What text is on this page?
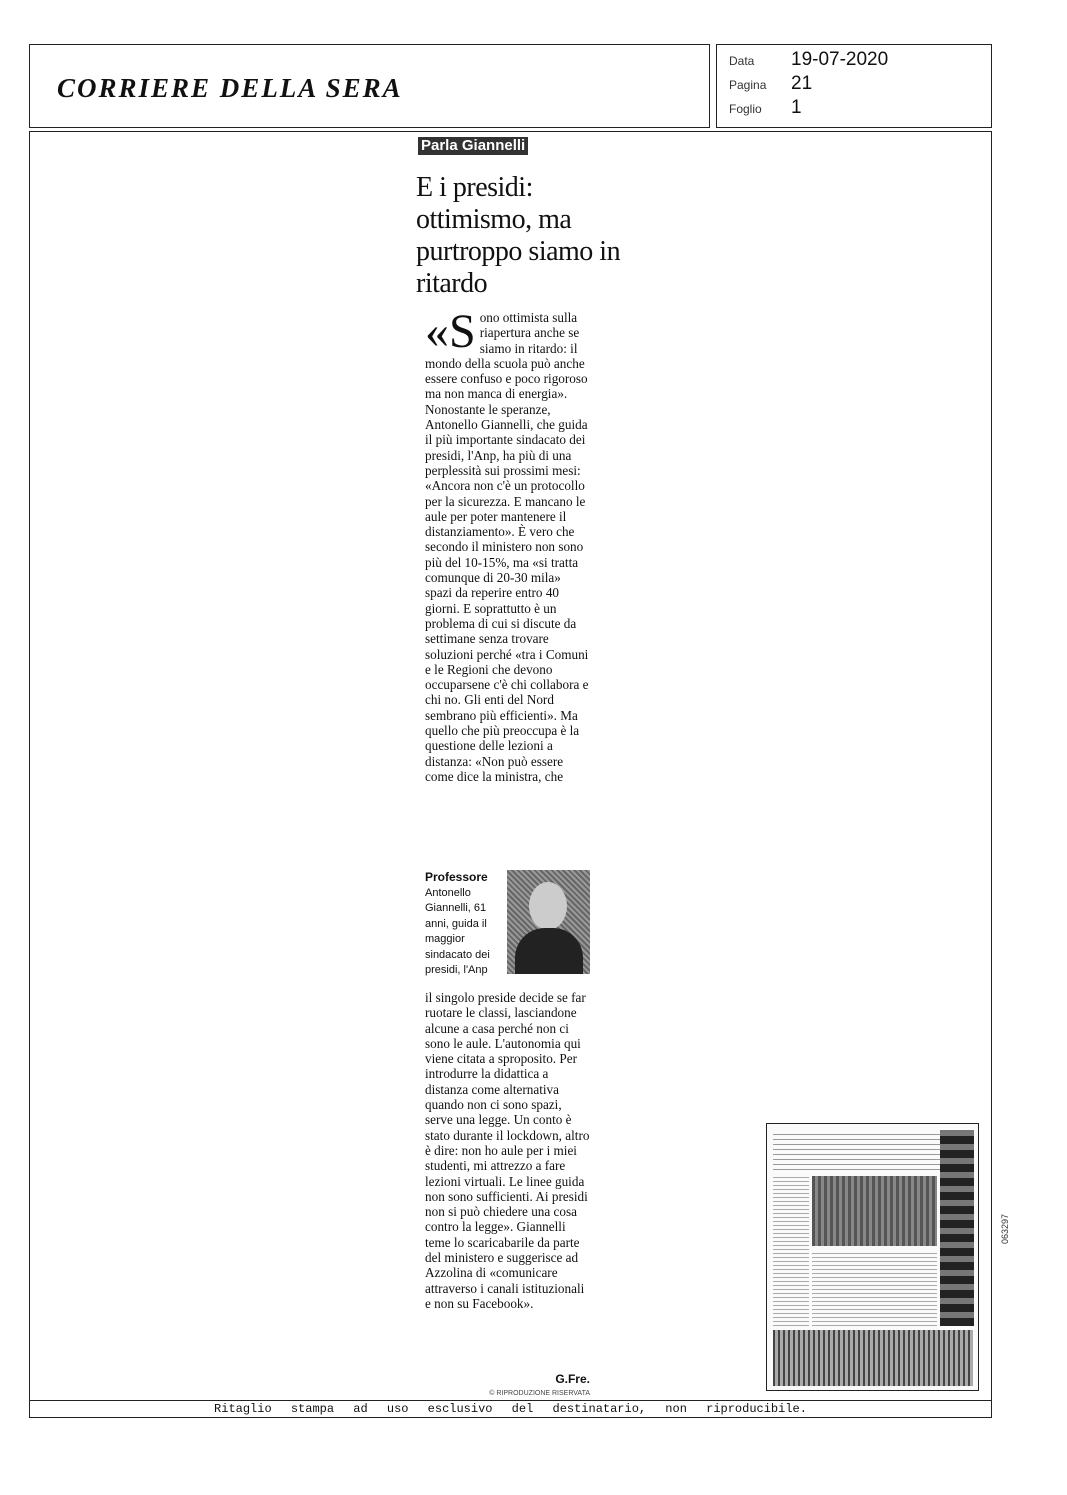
CORRIERE DELLA SERA
Data 19-07-2020
Pagina 21
Foglio 1
Parla Giannelli
E i presidi: ottimismo, ma purtroppo siamo in ritardo
«S ono ottimista sulla riapertura anche se siamo in ritardo: il mondo della scuola può anche essere confuso e poco rigoroso ma non manca di energia». Nonostante le speranze, Antonello Giannelli, che guida il più importante sindacato dei presidi, l'Anp, ha più di una perplessità sui prossimi mesi: «Ancora non c'è un protocollo per la sicurezza. E mancano le aule per poter mantenere il distanziamento». È vero che secondo il ministero non sono più del 10-15%, ma «si tratta comunque di 20-30 mila» spazi da reperire entro 40 giorni. E soprattutto è un problema di cui si discute da settimane senza trovare soluzioni perché «tra i Comuni e le Regioni che devono occuparsene c'è chi collabora e chi no. Gli enti del Nord sembrano più efficienti». Ma quello che più preoccupa è la questione delle lezioni a distanza: «Non può essere come dice la ministra, che
Professore
Antonello Giannelli, 61 anni, guida il maggior sindacato dei presidi, l'Anp
il singolo preside decide se far ruotare le classi, lasciandone alcune a casa perché non ci sono le aule. L'autonomia qui viene citata a sproposito. Per introdurre la didattica a distanza come alternativa quando non ci sono spazi, serve una legge. Un conto è stato durante il lockdown, altro è dire: non ho aule per i miei studenti, mi attrezzo a fare lezioni virtuali. Le linee guida non sono sufficienti. Ai presidi non si può chiedere una cosa contro la legge». Giannelli teme lo scaricabarile da parte del ministero e suggerisce ad Azzolina di «comunicare attraverso i canali istituzionali e non su Facebook».
G.Fre.
© RIPRODUZIONE RISERVATA
063297
Ritaglio stampa ad uso esclusivo del destinatario, non riproducibile.
